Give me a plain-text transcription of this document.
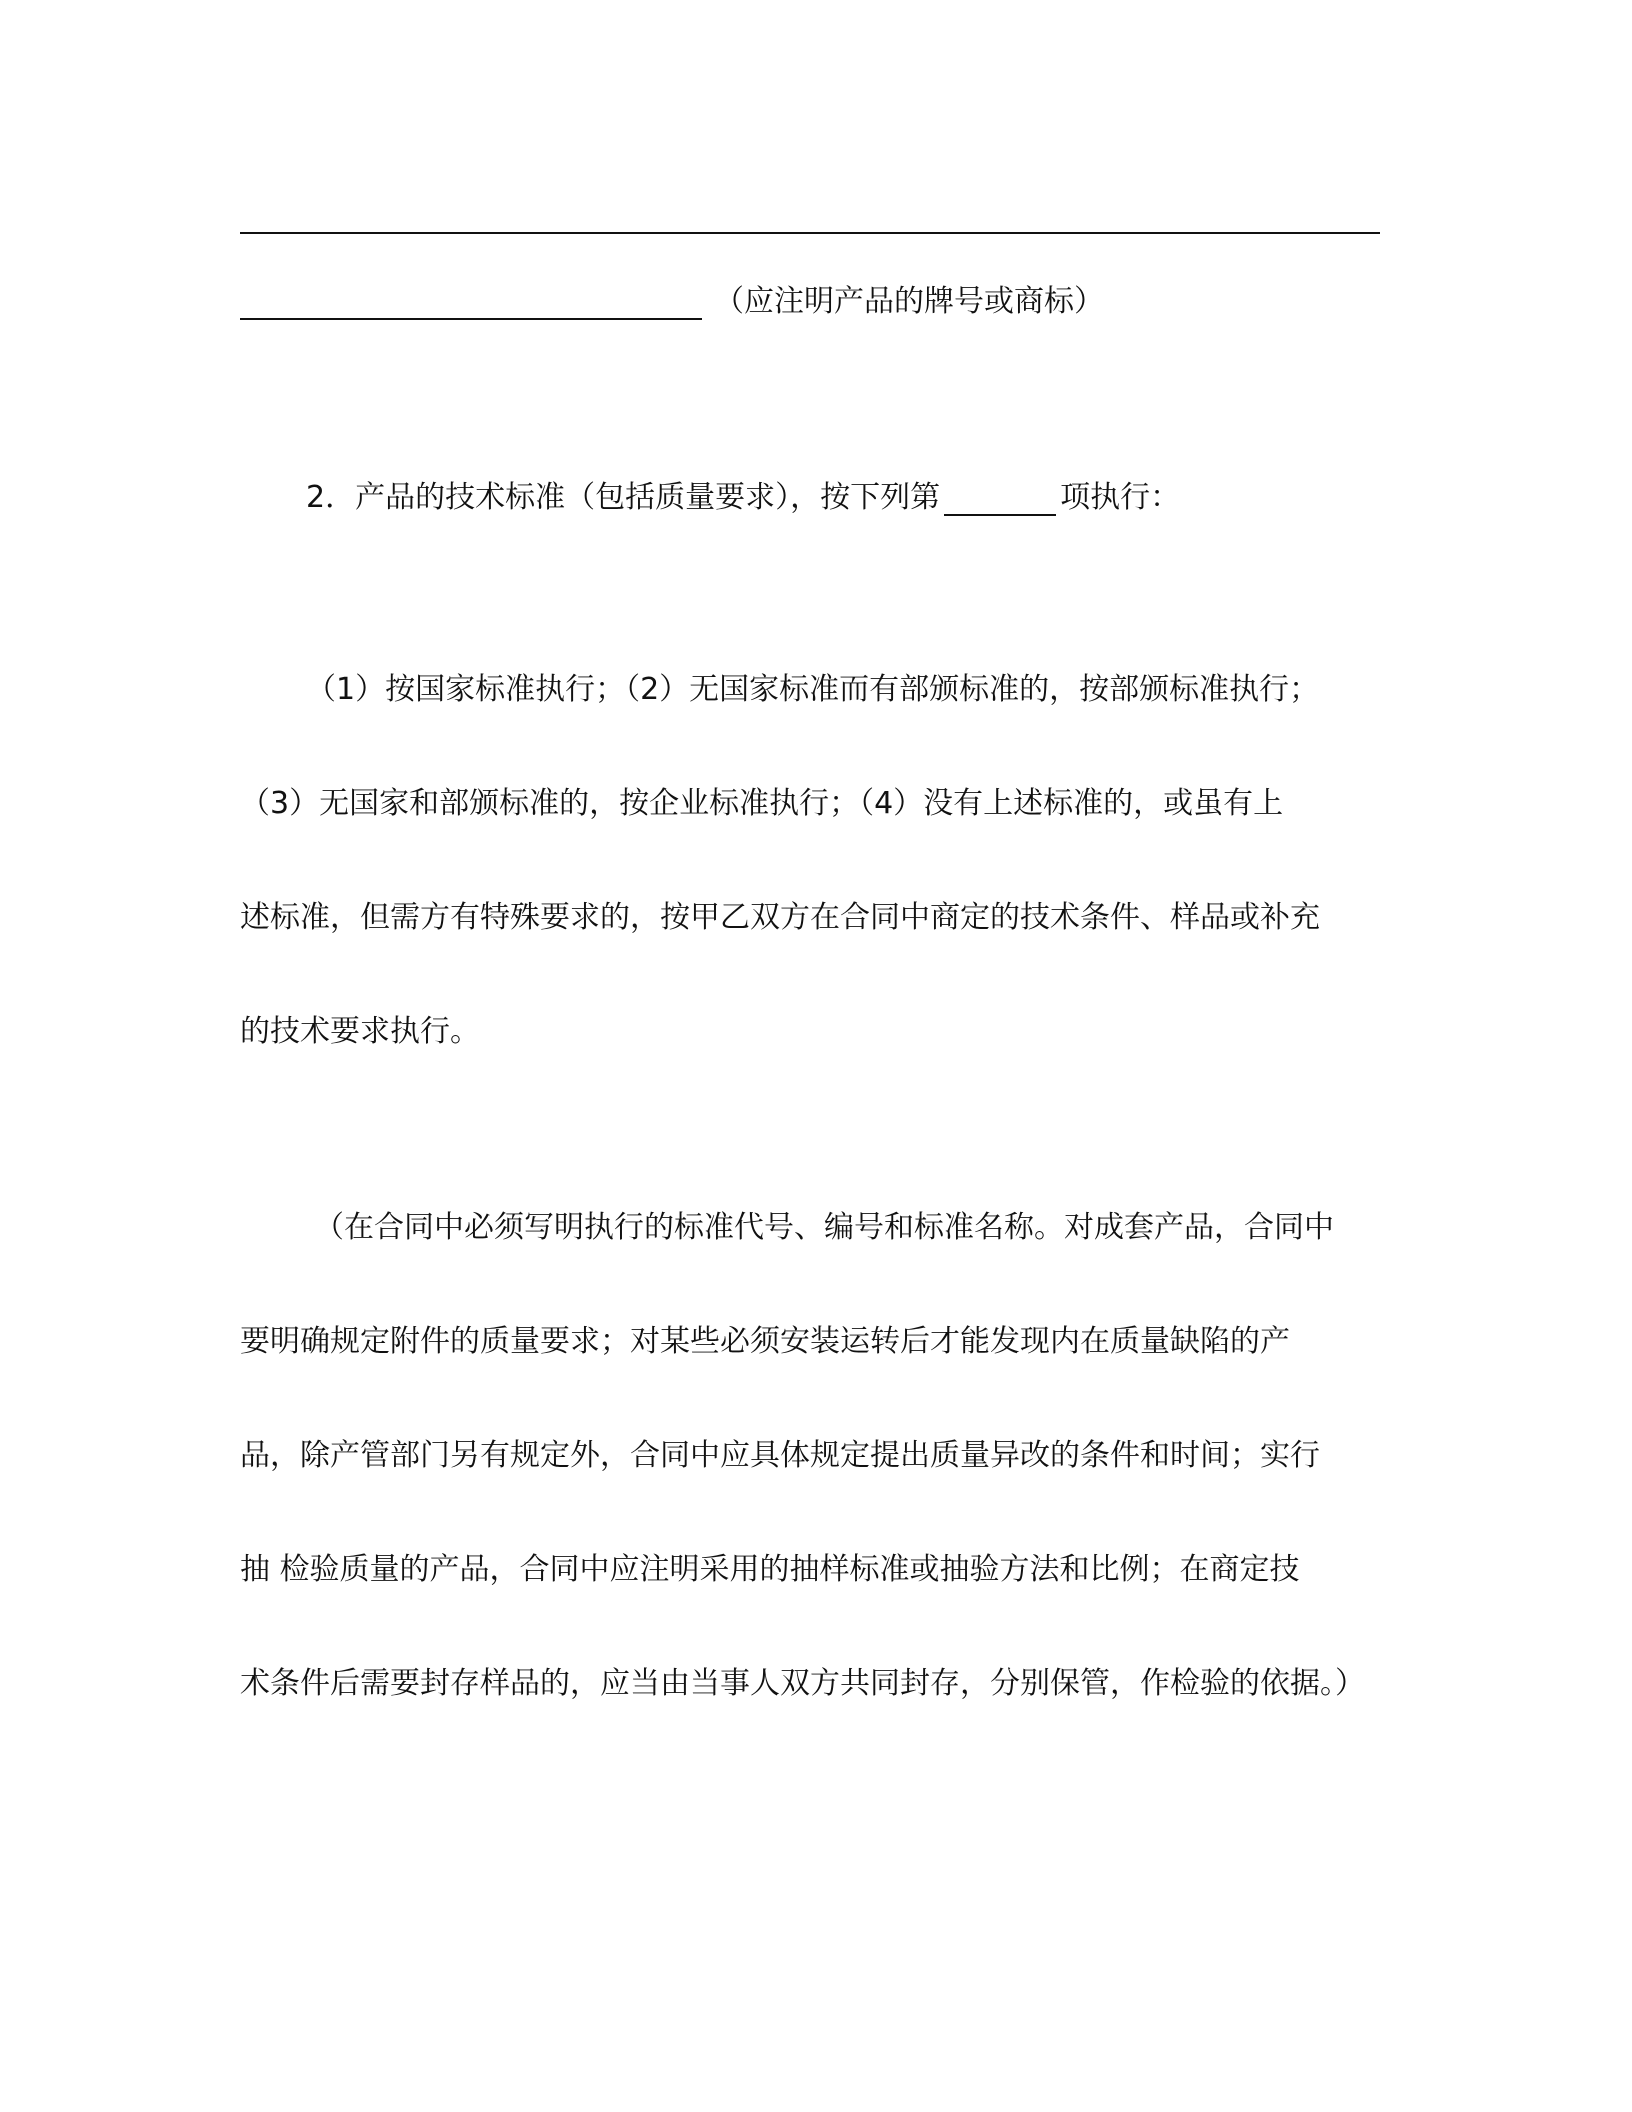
（应注明产品的牌号或商标）
2．产品的技术标准（包括质量要求），按下列第	项执行：
（1）按国家标准执行；（2）无国家标准而有部颁标准的，按部颁标准执行；
（3）无国家和部颁标准的，按企业标准执行；（4）没有上述标准的，或虽有上
述标准，但需方有特殊要求的，按甲乙双方在合同中商定的技术条件、样品或补充
的技术要求执行。
（在合同中必须写明执行的标准代号、编号和标准名称。对成套产品，合同中
要明确规定附件的质量要求；对某些必须安装运转后才能发现内在质量缺陷的产
品，除产管部门另有规定外，合同中应具体规定提出质量异改的条件和时间；实行
抽 检验质量的产品，合同中应注明采用的抽样标准或抽验方法和比例；在商定技
术条件后需要封存样品的，应当由当事人双方共同封存，分别保管，作检验的依据。）
